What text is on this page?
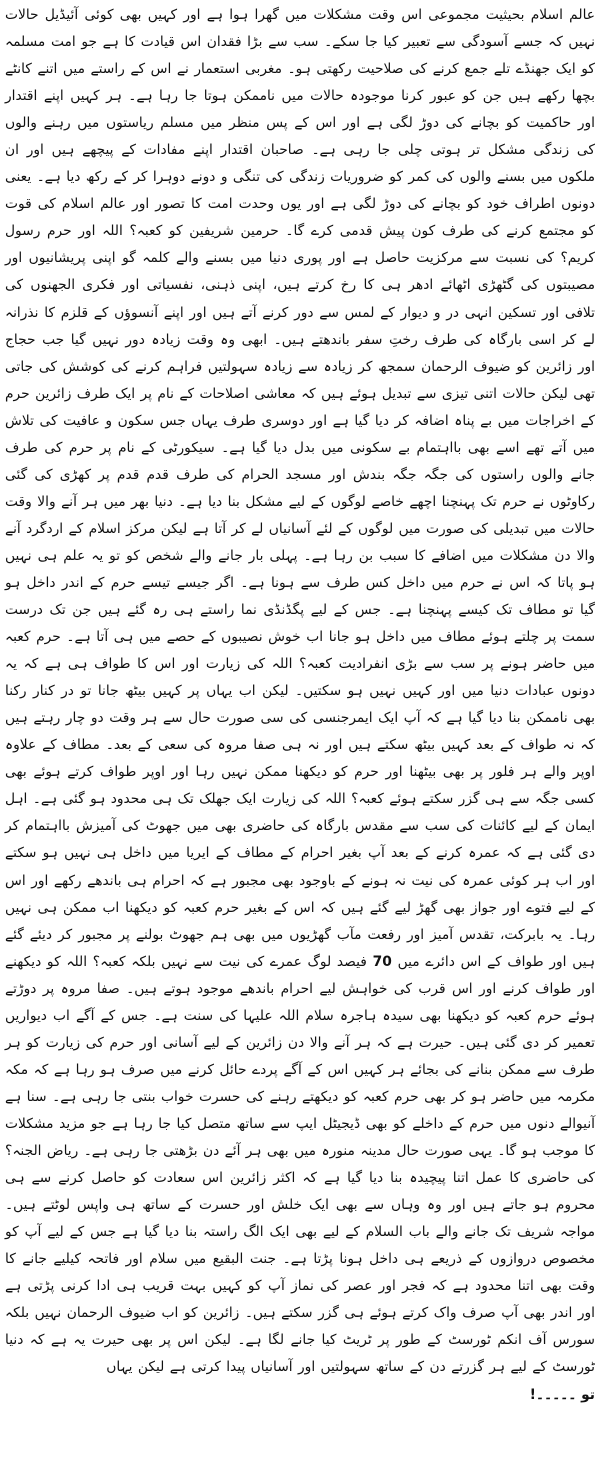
عالم اسلام بحیثیت مجموعی اس وقت مشکلات میں گھرا ہوا ہے اور کہیں بھی کوئی آئیڈیل حالات نہیں کہ جسے آسودگی سے تعبیر کیا جا سکے۔ سب سے بڑا فقدان اس قیادت کا ہے جو امت مسلمہ کو ایک جھنڈے تلے جمع کرنے کی صلاحیت رکھتی ہو۔ مغربی استعمار نے اس کے راستے میں اتنے کانٹے بچھا رکھے ہیں جن کو عبور کرنا موجودہ حالات میں ناممکن ہوتا جا رہا ہے۔ ہر کہیں اپنے اقتدار اور حاکمیت کو بچانے کی دوڑ لگی ہے اور اس کے پس منظر میں مسلم ریاستوں میں رہنے والوں کی زندگی مشکل تر ہوتی چلی جا رہی ہے۔ صاحبان اقتدار اپنے مفادات کے پیچھے ہیں اور ان ملکوں میں بسنے والوں کی کمر کو ضروریات زندگی کی تنگی و دونے دوہرا کر کے رکھ دیا ہے۔ یعنی دونوں اطراف خود کو بچانے کی دوڑ لگی ہے اور یوں وحدت امت کا تصور اور عالم اسلام کی قوت کو مجتمع کرنے کی طرف کون پیش قدمی کرے گا۔ حرمین شریفین کو کعبہ؟ اللہ اور حرم رسول کریم؟ کی نسبت سے مرکزیت حاصل ہے اور پوری دنیا میں بسنے والے کلمہ گو اپنی پریشانیوں اور مصیبتوں کی گٹھڑی اٹھائے ادھر ہی کا رخ کرتے ہیں، اپنی ذہنی، نفسیاتی اور فکری الجھنوں کی تلافی اور تسکین انہی در و دیوار کے لمس سے دور کرنے آتے ہیں اور اپنے آنسوؤں کے قلزم کا نذرانہ لے کر اسی بارگاہ کی طرف رختِ سفر باندھتے ہیں۔ ابھی وہ وقت زیادہ دور نہیں گیا جب حجاج اور زائرین کو ضیوف الرحمان سمجھ کر زیادہ سے زیادہ سہولتیں فراہم کرنے کی کوشش کی جاتی تھی لیکن حالات اتنی تیزی سے تبدیل ہوئے ہیں کہ معاشی اصلاحات کے نام پر ایک طرف زائرین حرم کے اخراجات میں بے پناہ اضافہ کر دیا گیا ہے اور دوسری طرف یہاں جس سکون و عافیت کی تلاش میں آتے تھے اسے بھی بااہتمام بے سکونی میں بدل دیا گیا ہے۔ سیکورٹی کے نام پر حرم کی طرف جانے والوں راستوں کی جگہ جگہ بندش اور مسجد الحرام کی طرف قدم قدم پر کھڑی کی گئی رکاوٹوں نے حرم تک پہنچنا اچھے خاصے لوگوں کے لیے مشکل بنا دیا ہے۔ دنیا بھر میں ہر آنے والا وقت حالات میں تبدیلی کی صورت میں لوگوں کے لئے آسانیاں لے کر آتا ہے لیکن مرکز اسلام کے اردگرد آنے والا دن مشکلات میں اضافے کا سبب بن رہا ہے۔ پہلی بار جانے والے شخص کو تو یہ علم ہی نہیں ہو پاتا کہ اس نے حرم میں داخل کس طرف سے ہونا ہے۔ اگر جیسے تیسے حرم کے اندر داخل ہو گیا تو مطاف تک کیسے پہنچنا ہے۔ جس کے لیے پگڈنڈی نما راستے ہی رہ گئے ہیں جن تک درست سمت پر چلتے ہوئے مطاف میں داخل ہو جانا اب خوش نصیبوں کے حصے میں ہی آتا ہے۔ حرم کعبہ میں حاضر ہونے پر سب سے بڑی انفرادیت کعبہ؟ اللہ کی زیارت اور اس کا طواف ہی ہے کہ یہ دونوں عبادات دنیا میں اور کہیں نہیں ہو سکتیں۔ لیکن اب یہاں پر کہیں بیٹھ جانا تو در کنار رکنا بھی ناممکن بنا دیا گیا ہے کہ آپ ایک ایمرجنسی کی سی صورت حال سے ہر وقت دو چار رہتے ہیں کہ نہ طواف کے بعد کہیں بیٹھ سکتے ہیں اور نہ ہی صفا مروہ کی سعی کے بعد۔ مطاف کے علاوہ اوپر والے ہر فلور پر بھی بیٹھنا اور حرم کو دیکھنا ممکن نہیں رہا اور اوپر طواف کرتے ہوئے بھی کسی جگہ سے ہی گزر سکتے ہوئے کعبہ؟ اللہ کی زیارت ایک جھلک تک ہی محدود ہو گئی ہے۔ اہل ایمان کے لیے کائنات کی سب سے مقدس بارگاہ کی حاضری بھی میں جھوٹ کی آمیزش بااہتمام کر دی گئی ہے کہ عمرہ کرنے کے بعد آپ بغیر احرام کے مطاف کے ایریا میں داخل ہی نہیں ہو سکتے اور اب ہر کوئی عمرہ کی نیت نہ ہونے کے باوجود بھی مجبور ہے کہ احرام ہی باندھے رکھے اور اس کے لیے فتوے اور جواز بھی گھڑ لیے گئے ہیں کہ اس کے بغیر حرم کعبہ کو دیکھنا اب ممکن ہی نہیں رہا۔ یہ بابرکت، تقدس آمیز اور رفعت مآب گھڑیوں میں بھی ہم جھوٹ بولنے پر مجبور کر دیئے گئے ہیں اور طواف کے اس دائرے میں 70 فیصد لوگ عمرے کی نیت سے نہیں بلکہ کعبہ؟ اللہ کو دیکھنے اور طواف کرنے اور اس قرب کی خواہش لیے احرام باندھے موجود ہوتے ہیں۔ صفا مروہ پر دوڑتے ہوئے حرم کعبہ کو دیکھنا بھی سیدہ ہاجرہ سلام اللہ علیہا کی سنت ہے۔ جس کے آگے اب دیواریں تعمیر کر دی گئی ہیں۔ حیرت ہے کہ ہر آنے والا دن زائرین کے لیے آسانی اور حرم کی زیارت کو ہر طرف سے ممکن بنانے کی بجائے ہر کہیں اس کے آگے پردے حائل کرنے میں صرف ہو رہا ہے کہ مکہ مکرمہ میں حاضر ہو کر بھی حرم کعبہ کو دیکھتے رہنے کی حسرت خواب بنتی جا رہی ہے۔ سنا ہے آنیوالے دنوں میں حرم کے داخلے کو بھی ڈیجیٹل ایپ سے ساتھ متصل کیا جا رہا ہے جو مزید مشکلات کا موجب ہو گا۔ یہی صورت حال مدینہ منورہ میں بھی ہر آئے دن بڑھتی جا رہی ہے۔ ریاض الجنہ؟ کی حاضری کا عمل اتنا پیچیدہ بنا دیا گیا ہے کہ اکثر زائرین اس سعادت کو حاصل کرنے سے ہی محروم ہو جاتے ہیں اور وہ وہاں سے بھی ایک خلش اور حسرت کے ساتھ ہی واپس لوٹتے ہیں۔ مواجہ شریف تک جانے والے باب السلام کے لیے بھی ایک الگ راستہ بنا دیا گیا ہے جس کے لیے آپ کو مخصوص دروازوں کے ذریعے ہی داخل ہونا پڑتا ہے۔ جنت البقیع میں سلام اور فاتحہ کیلیے جانے کا وقت بھی اتنا محدود ہے کہ فجر اور عصر کی نماز آپ کو کہیں بہت قریب ہی ادا کرنی پڑتی ہے اور اندر بھی آپ صرف واک کرتے ہوئے ہی گزر سکتے ہیں۔ زائرین کو اب ضیوف الرحمان نہیں بلکہ سورس آف انکم ٹورسٹ کے طور پر ٹریٹ کیا جانے لگا ہے۔ لیکن اس پر بھی حیرت یہ ہے کہ دنیا ٹورسٹ کے لیے ہر گزرتے دن کے ساتھ سہولتیں اور آسانیاں پیدا کرتی ہے لیکن یہاں

تو ۔۔۔۔۔!
